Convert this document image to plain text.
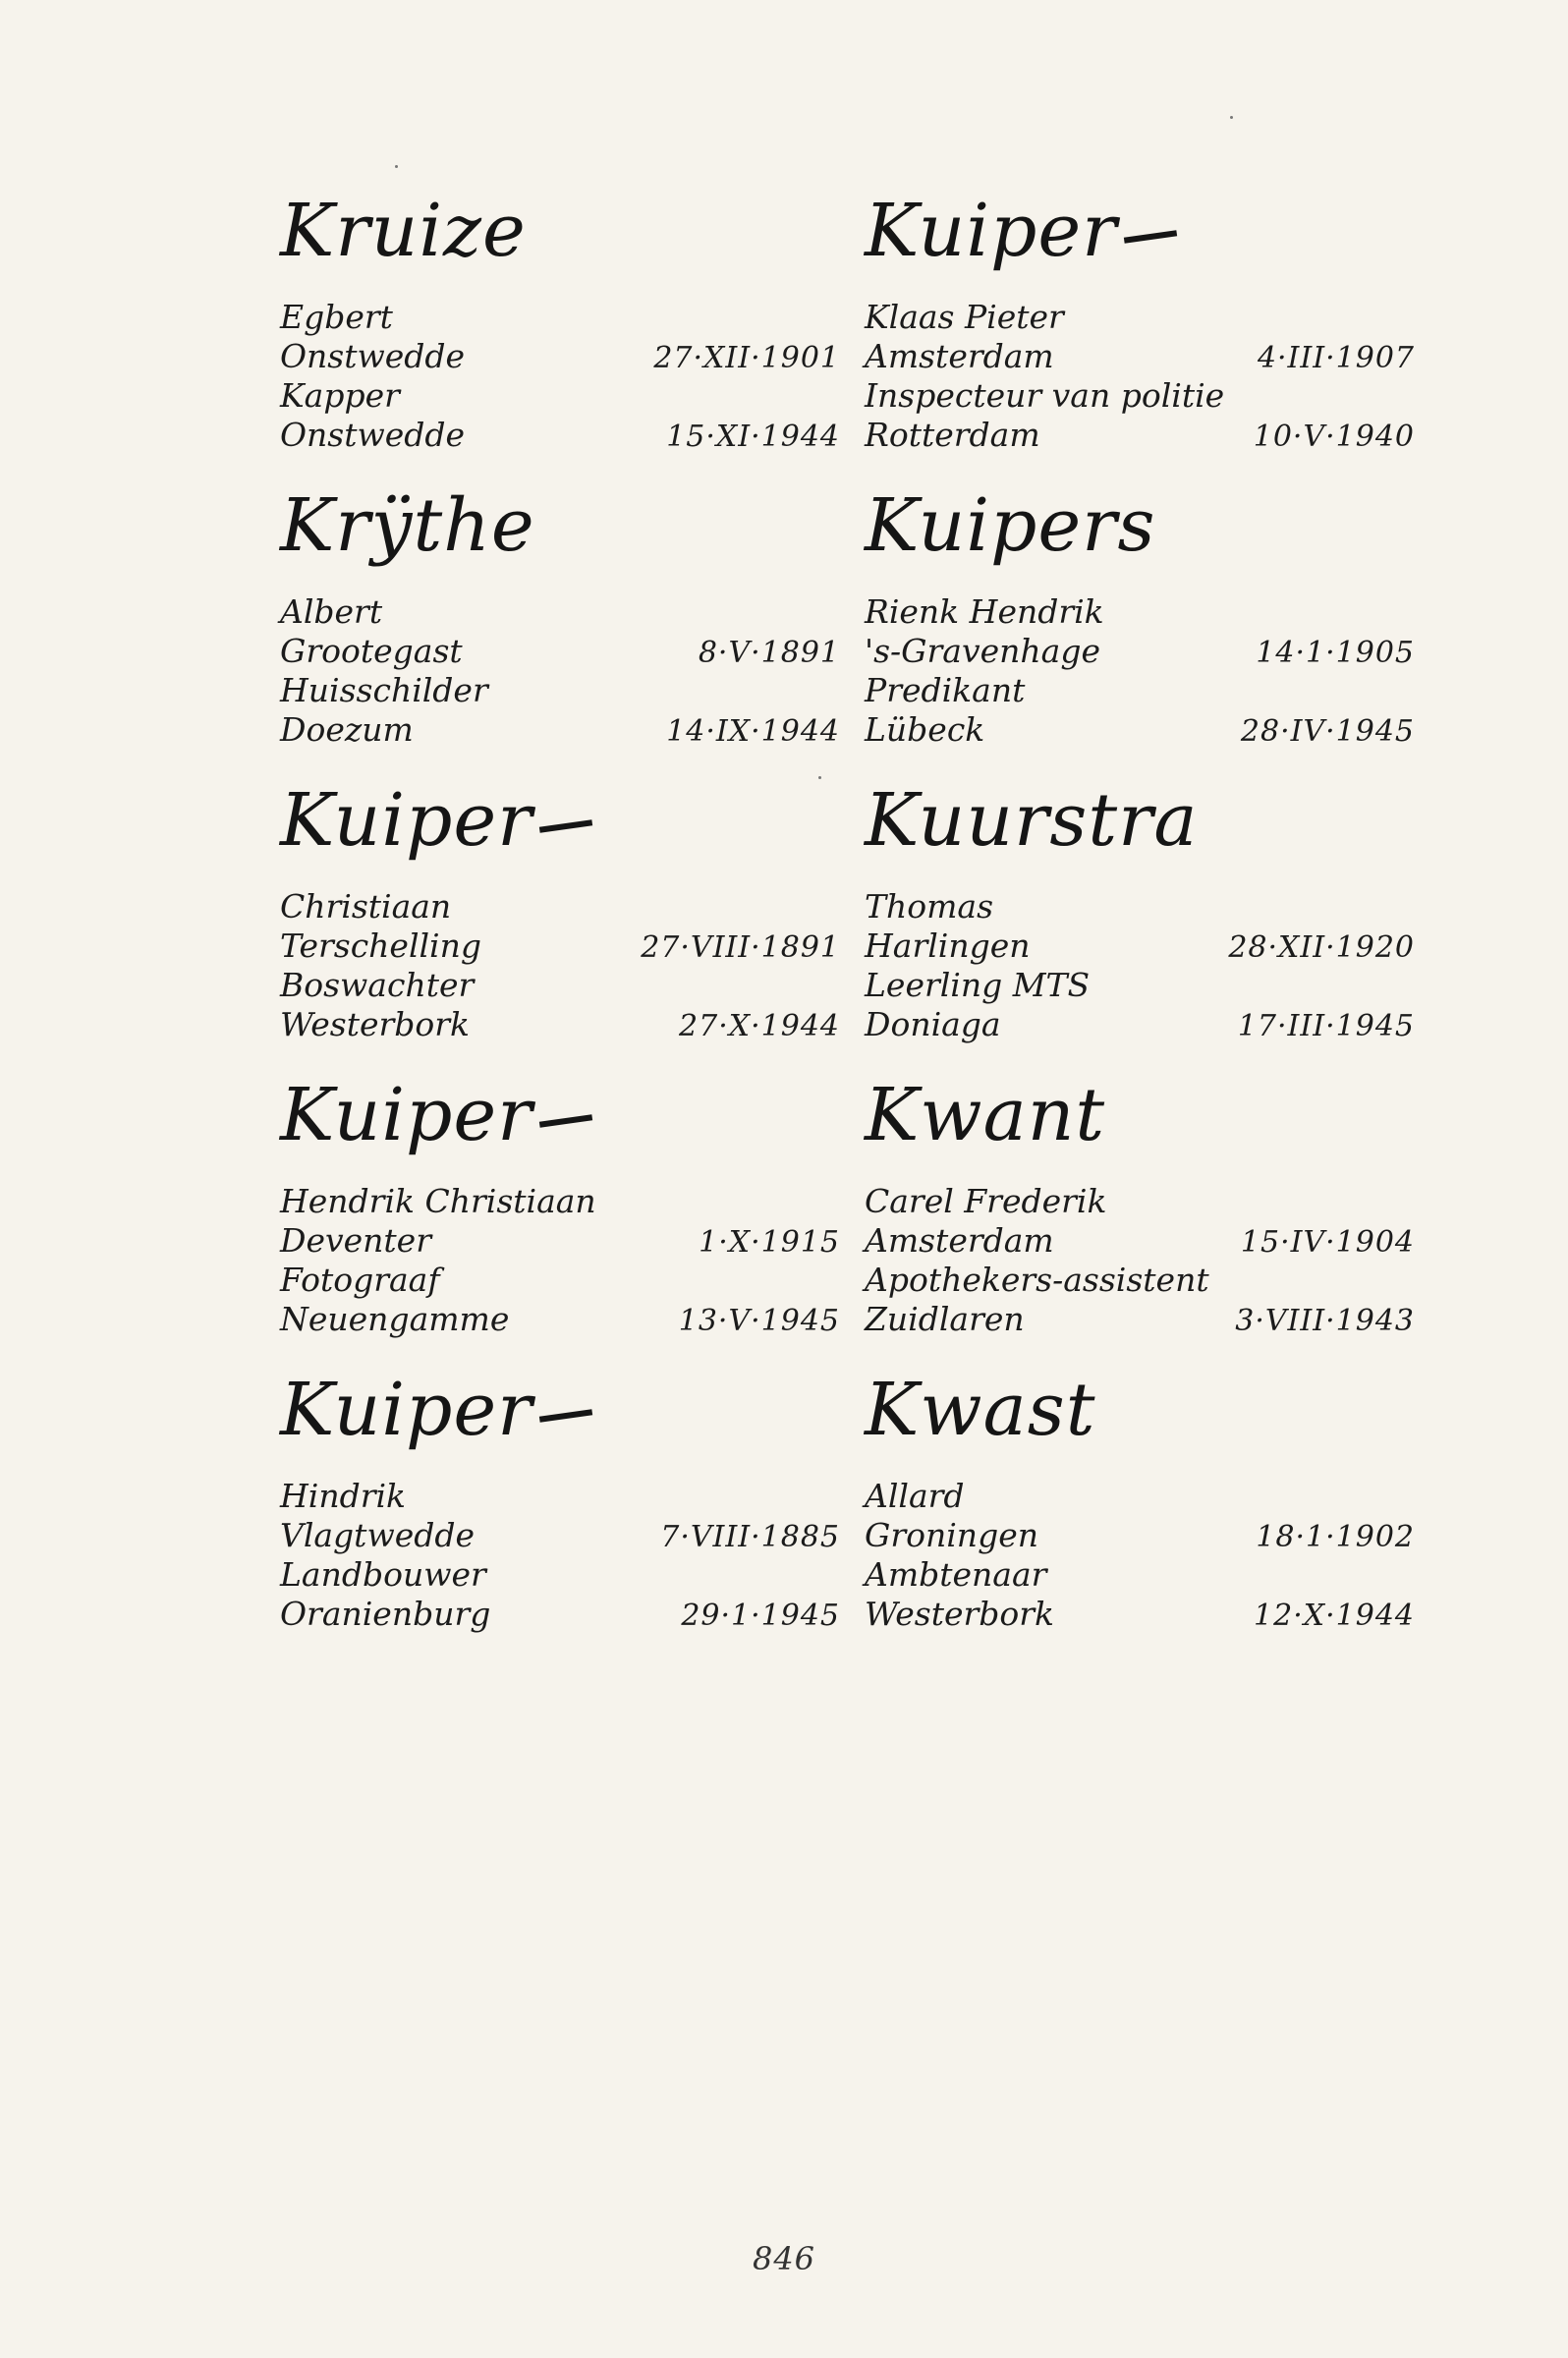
Kruize
Egbert
Onstwedde	27·XII·1901
Kapper
Onstwedde	15·XI·1944
Krÿthe
Albert
Grootegast	8·V·1891
Huisschilder
Doezum	14·IX·1944
Kuiper
Christiaan
Terschelling	27·VIII·1891
Boswachter
Westerbork	27·X·1944
Kuiper
Hendrik Christiaan
Deventer	1·X·1915
Fotograaf
Neuengamme	13·V·1945
Kuiper
Hindrik
Vlagtwedde	7·VIII·1885
Landbouwer
Oranienburg	29·1·1945
Kuiper
Klaas Pieter
Amsterdam	4·III·1907
Inspecteur van politie
Rotterdam	10·V·1940
Kuipers
Rienk Hendrik
's-Gravenhage	14·1·1905
Predikant
Lübeck	28·IV·1945
Kuurstra
Thomas
Harlingen	28·XII·1920
Leerling MTS
Doniaga	17·III·1945
Kwant
Carel Frederik
Amsterdam	15·IV·1904
Apothekers-assistent
Zuidlaren	3·VIII·1943
Kwast
Allard
Groningen	18·1·1902
Ambtenaar
Westerbork	12·X·1944
846
